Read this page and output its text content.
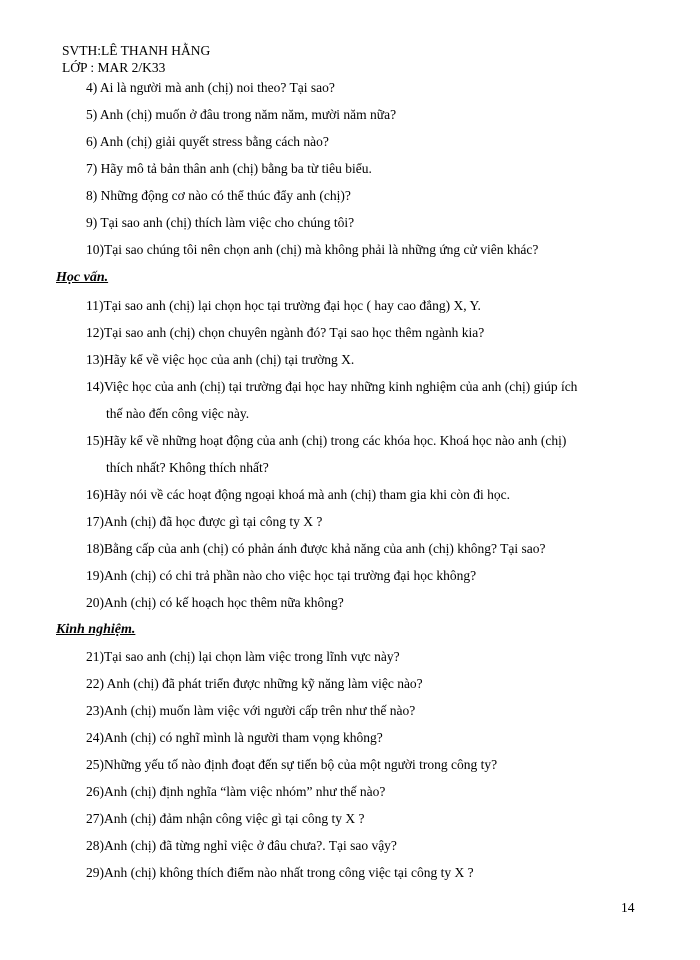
SVTH:LÊ THANH HẰNG
LỚP : MAR 2/K33
4) Ai là người mà anh (chị) noi theo? Tại sao?
5) Anh (chị) muốn ở đâu trong năm năm, mười năm nữa?
6) Anh (chị) giải quyết stress bằng cách nào?
7) Hãy mô tả bản thân anh (chị) bằng ba từ tiêu biểu.
8) Những động cơ nào có thể thúc đẩy anh (chị)?
9) Tại sao anh (chị) thích làm việc cho chúng tôi?
10)Tại sao chúng tôi nên chọn anh (chị) mà không phải là những ứng cử viên khác?
Học vấn.
11)Tại sao anh (chị) lại chọn học tại trường đại học ( hay cao đẳng) X, Y.
12)Tại sao anh (chị) chọn chuyên ngành đó? Tại sao học thêm ngành kia?
13)Hãy kể về việc học của anh (chị) tại trường X.
14)Việc học của anh (chị) tại trường đại học hay những kinh nghiệm của anh (chị) giúp ích
thế nào đến công việc này.
15)Hãy kể về những hoạt động của anh (chị) trong các khóa học. Khoá học nào anh (chị)
thích nhất? Không thích nhất?
16)Hãy nói về các hoạt động ngoại khoá mà anh (chị) tham gia khi còn đi học.
17)Anh (chị) đã học được gì tại công ty X ?
18)Bằng cấp của anh (chị) có phản ánh được khả năng của anh (chị) không? Tại sao?
19)Anh (chị) có chi trả phần nào cho việc học tại trường đại học không?
20)Anh (chị) có kế hoạch học thêm nữa không?
Kinh nghiệm.
21)Tại sao anh (chị) lại chọn làm việc trong lĩnh vực này?
22) Anh (chị) đã phát triển được những kỹ năng làm việc nào?
23)Anh (chị) muốn làm việc với người cấp trên như thế nào?
24)Anh (chị) có nghĩ mình là người tham vọng không?
25)Những yếu tố nào định đoạt đến sự tiến bộ của một người trong công ty?
26)Anh (chị) định nghĩa “làm việc nhóm” như thế nào?
27)Anh (chị) đảm nhận công việc gì tại công ty X ?
28)Anh (chị) đã từng nghỉ việc ở đâu chưa?. Tại sao vậy?
29)Anh (chị) không thích điểm nào nhất trong công việc tại công ty X ?
14
